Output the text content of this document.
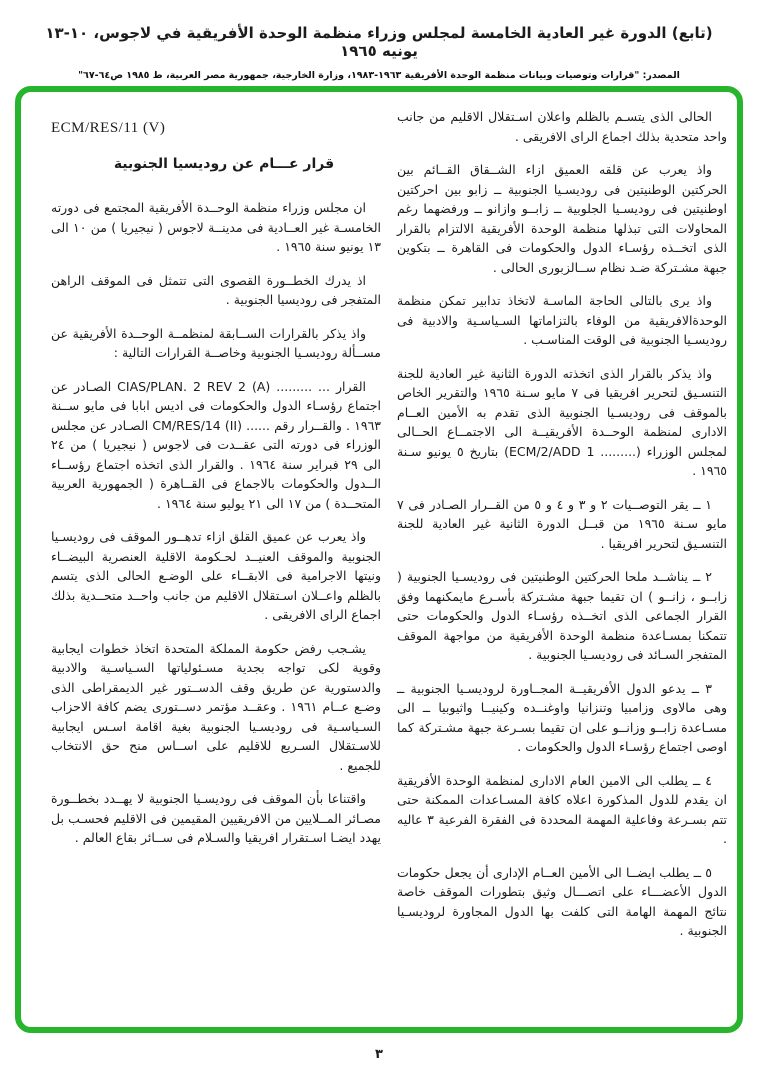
(تابع) الدورة غير العادية الخامسة لمجلس وزراء منظمة الوحدة الأفريقية في لاجوس، ١٠-١٣ يونيه ١٩٦٥
المصدر: "قرارات وتوصيات وبيانات منظمة الوحدة الأفريقية ١٩٦٣-١٩٨٣، وزارة الخارجية، جمهورية مصر العربية، ط ١٩٨٥ ص٦٤-٦٧"

الحالى الذى يتسـم بالظلم واعلان اسـتقلال الاقليم من جانب واحد متحدية بذلك اجماع الراى الافريقى .

واذ يعرب عن قلقه العميق ازاء الشــقاق القــائم بين الحركتين الوطنيتين فى روديسـيا الجنوبية ــ زابو بين احركتين اوطنيتين فى روديسـيا الجلوبية ــ زابــو وازانو ــ ورفضهما رغم المحاولات التى تبذلها منظمة الوحدة الأفريقية الالتزام بالقرار الذى اتخــذه رؤسـاء الدول والحكومات فى القاهرة ــ بتكوين جبهة مشـتركة ضـد نظام ســالزبورى الحالى .

واذ يرى بالتالى الحاجة الماسـة لاتخاذ تدابير تمكن منظمة الوحدةالافريقية من الوفاء بالتزاماتها السـياسـية والادبية فى روديسـيا الجنوبية فى الوقت المناسـب .

واذ يذكر بالقرار الذى اتخذته الدورة الثانية غير العادية للجنة التنسـيق لتحرير افريقيا فى ٧ مايو سـنة ١٩٦٥ والتقرير الخاص بالموقف فى روديسـيا الجنوبية الذى تقدم به الأمين العــام الادارى لمنظمة الوحــدة الأفريقيــة الى الاجتمــاع الحــالى لمجلس الوزراء ‪(ECM/2/ADD 1 .........)‬ بتاريخ ٥ يونيو سـنة ١٩٦٥ .

١ ــ يقر التوصــيات ٢ و ٣ و ٤ و ٥ من القــرار الصـادر فى ٧ مايو سـنة ١٩٦٥ من قبــل الدورة الثانية غير العادية للجنة التنسـيق لتحرير افريقيا .

٢ ــ يناشــد ملحا الحركتين الوطنيتين فى روديسـيا الجنوبية ( زابــو ، زانــو ) ان تقيما جبهة مشـتركة بأسـرع مايمكنهما وفق القرار الجماعى الذى اتخــذه رؤسـاء الدول والحكومات حتى تتمكنا بمسـاعدة منظمة الوحدة الأفريقية من مواجهة الموقف المتفجر السـائد فى روديسـيا الجنوبية .

٣ ــ يدعو الدول الأفريقيــة المجــاورة لروديسـيا الجنوبية ــ وهى مالاوى وزامبيا وتنزانيا واوغنــده وكينيــا واثيوبيا ــ الى مسـاعدة زابــو وزانــو على ان تقيما بسـرعة جبهة مشـتركة كما اوصى اجتماع رؤسـاء الدول والحكومات .

٤ ــ يطلب الى الامين العام الادارى لمنظمة الوحدة الأفريقية ان يقدم للدول المذكورة اعلاه كافة المسـاعدات الممكنة حتى تتم بسـرعة وفاعلية المهمة المحددة فى الفقرة الفرعية ٣ عاليه .

٥ ــ يطلب ايضــا الى الأمين العــام الإدارى أن يجعل حكومات الدول الأعضـــاء على اتصـــال وثيق بتطورات الموقف خاصة نتائج المهمة الهامة التى كلفت بها الدول المجاورة لروديسـيا الجنوبية .

ECM/RES/11 (V)
قرار عـــام عن روديسيا الجنوبية

ان مجلس وزراء منظمة الوحــدة الأفريقية المجتمع فى دورته الخامسـة غير العــادية فى مدينــة لاجوس ( نيجيريا ) من ١٠ الى ١٣ يونيو سنة ١٩٦٥ .

اذ يدرك الخطــورة القصوى التى تتمثل فى الموقف الراهن المتفجر فى روديسيا الجنوبية .

واذ يذكر بالقرارات الســابقة لمنظمــة الوحــدة الأفريقية عن مســألة روديسـيا الجنوبية وخاصــة القرارات التالية :

القرار ... ......... ‪CIAS/PLAN. 2 REV 2 (A)‬ الصـادر عن اجتماع رؤسـاء الدول والحكومات فى اديس ابابا فى مايو ســنة ١٩٦٣ . والقــرار رقم ...... ‪CM/RES/14 (II)‬ الصـادر عن مجلس الوزراء فى دورته التى عقــدت فى لاجوس ( نيجيريا ) من ٢٤ الى ٢٩ فبراير سنة ١٩٦٤ . والقرار الذى اتخذه اجتماع رؤســاء الــدول والحكومات بالاجماع فى القــاهرة ( الجمهورية العربية المتحــدة ) من ١٧ الى ٢١ يوليو سنة ١٩٦٤ .

واذ يعرب عن عميق القلق ازاء تدهــور الموقف فى روديسـيا الجنوبية والموقف العنيــد لحـكومة الاقلية العنصرية البيضــاء ونيتها الاجرامية فى الابقــاء على الوضـع الحالى الذى يتسم بالظلم واعــلان اسـتقلال الاقليم من جانب واحــد متحــدية بذلك اجماع الراى الافريقى .

يشـجب رفض حكومة المملكة المتحدة اتخاذ خطوات ايجابية وقوية لكى تواجه بجدية مسـئولياتها السـياسـية والادبية والدستورية عن طريق وقف الدســتور غير الديمقراطى الذى وضـع عــام ١٩٦١ . وعقــد مؤتمر دســتورى يضم كافة الاحزاب السـياسـية فى روديسـيا الجنوبية بغية اقامة اسـس ايجابية للاسـتقلال السـريع للاقليم على اســاس منح حق الانتخاب للجميع .

واقتناعا بأن الموقف فى روديسـيا الجنوبية لا يهــدد بخطــورة مصـائر المــلايين من الافريقيين المقيمين فى الاقليم فحسـب بل يهدد ايضـا اسـتقرار افريقيا والسـلام فى ســائر بقاع العالم .

٣
